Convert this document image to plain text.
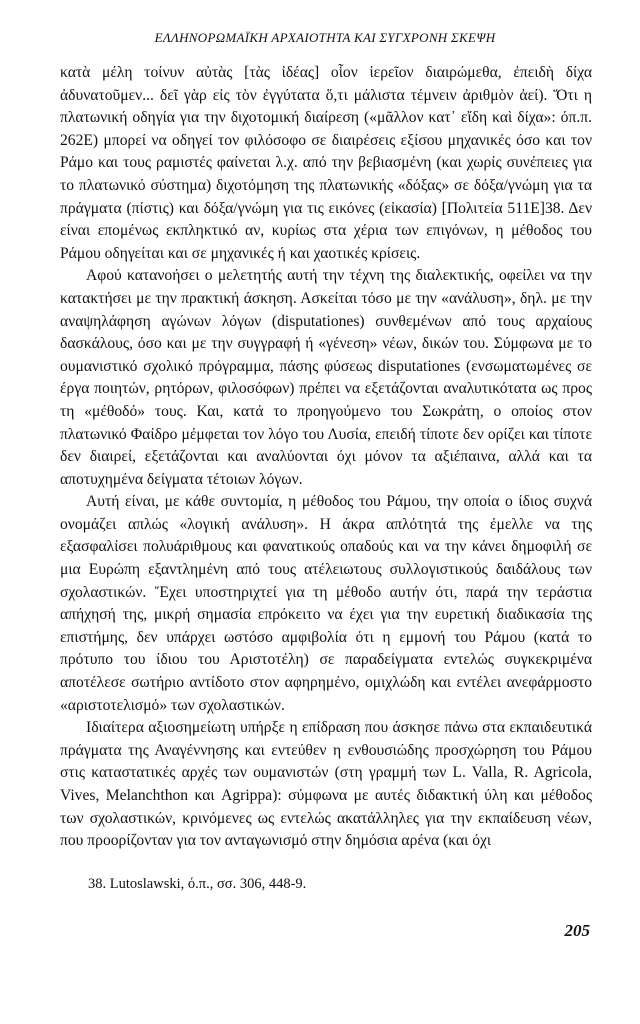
ΕΛΛΗΝΟΡΩΜΑΪΚΗ ΑΡΧΑΙΟΤΗΤΑ ΚΑΙ ΣΥΓΧΡΟΝΗ ΣΚΕΨΗ

κατὰ μέλη τοίνυν αὐτὰς [τὰς ἰδέας] οἷον ἱερεῖον διαιρώμεθα, ἐπειδὴ δίχα ἀδυνατοῦμεν... δεῖ γὰρ εἰς τὸν ἐγγύτατα ὅ,τι μάλιστα τέμνειν ἀριθμὸν ἀεί). Ὅτι η πλατωνική οδηγία για την διχοτομική διαίρεση («μᾶλλον κατ᾽ εἴδη καὶ δίχα»: όπ.π. 262Ε) μπορεί να οδηγεί τον φιλόσοφο σε διαιρέσεις εξίσου μηχανικές όσο και τον Ράμο και τους ραμιστές φαίνεται λ.χ. από την βεβιασμένη (και χωρίς συνέπειες για το πλατωνικό σύστημα) διχοτόμηση της πλατωνικής «δόξας» σε δόξα/γνώμη για τα πράγματα (πίστις) και δόξα/γνώμη για τις εικόνες (εἰκασία) [Πολιτεία 511Ε]38. Δεν είναι επομένως εκπληκτικό αν, κυρίως στα χέρια των επιγόνων, η μέθοδος του Ράμου οδηγείται και σε μηχανικές ή και χαοτικές κρίσεις.

Αφού κατανοήσει ο μελετητής αυτή την τέχνη της διαλεκτικής, οφείλει να την κατακτήσει με την πρακτική άσκηση. Ασκείται τόσο με την «ανάλυση», δηλ. με την αναψηλάφηση αγώνων λόγων (disputationes) συνθεμένων από τους αρχαίους δασκάλους, όσο και με την συγγραφή ή «γένεση» νέων, δικών του. Σύμφωνα με το ουμανιστικό σχολικό πρόγραμμα, πάσης φύσεως disputationes (ενσωματωμένες σε έργα ποιητών, ρητόρων, φιλοσόφων) πρέπει να εξετάζονται αναλυτικότατα ως προς τη «μέθοδό» τους. Και, κατά το προηγούμενο του Σωκράτη, ο οποίος στον πλατωνικό Φαίδρο μέμφεται τον λόγο του Λυσία, επειδή τίποτε δεν ορίζει και τίποτε δεν διαιρεί, εξετάζονται και αναλύονται όχι μόνον τα αξιέπαινα, αλλά και τα αποτυχημένα δείγματα τέτοιων λόγων.

Αυτή είναι, με κάθε συντομία, η μέθοδος του Ράμου, την οποία ο ίδιος συχνά ονομάζει απλώς «λογική ανάλυση». Η άκρα απλότητά της έμελλε να της εξασφαλίσει πολυάριθμους και φανατικούς οπαδούς και να την κάνει δημοφιλή σε μια Ευρώπη εξαντλημένη από τους ατέλειωτους συλλογιστικούς δαιδάλους των σχολαστικών. Ἔχει υποστηριχτεί για τη μέθοδο αυτήν ότι, παρά την τεράστια απήχησή της, μικρή σημασία επρόκειτο να έχει για την ευρετική διαδικασία της επιστήμης, δεν υπάρχει ωστόσο αμφιβολία ότι η εμμονή του Ράμου (κατά το πρότυπο του ίδιου του Αριστοτέλη) σε παραδείγματα εντελώς συγκεκριμένα αποτέλεσε σωτήριο αντίδοτο στον αφηρημένο, ομιχλώδη και εντέλει ανεφάρμοστο «αριστοτελισμό» των σχολαστικών.

Ιδιαίτερα αξιοσημείωτη υπήρξε η επίδραση που άσκησε πάνω στα εκπαιδευτικά πράγματα της Αναγέννησης και εντεύθεν η ενθουσιώδης προσχώρηση του Ράμου στις καταστατικές αρχές των ουμανιστών (στη γραμμή των L. Valla, R. Agricola, Vives, Melanchthon και Agrippa): σύμφωνα με αυτές διδακτική ύλη και μέθοδος των σχολαστικών, κρινόμενες ως εντελώς ακατάλληλες για την εκπαίδευση νέων, που προορίζονταν για τον ανταγωνισμό στην δημόσια αρένα (και όχι

38. Lutoslawski, ό.π., σσ. 306, 448-9.
205
